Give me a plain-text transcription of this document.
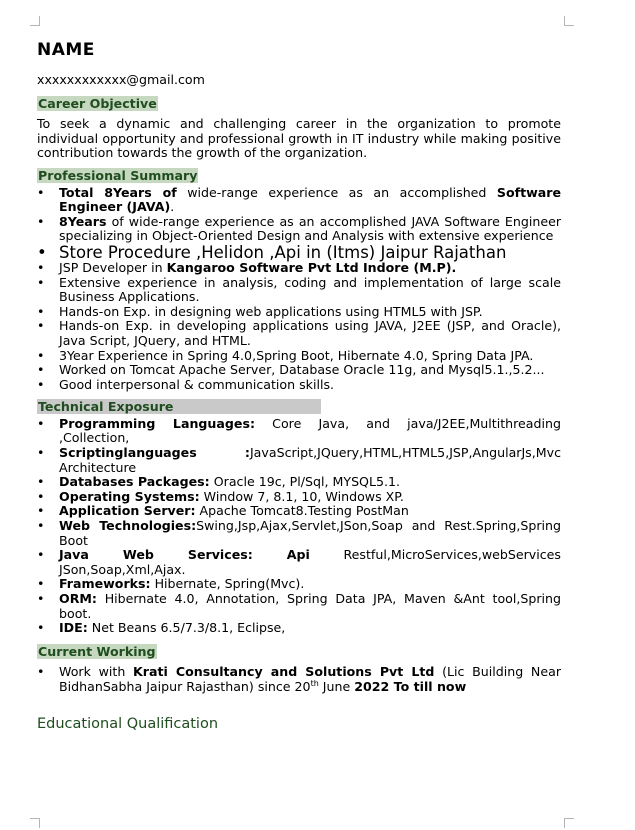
NAME
xxxxxxxxxxxx@gmail.com
Career Objective
To seek a dynamic and challenging career in the organization to promote individual opportunity and professional growth in IT industry while making positive contribution towards the growth of the organization.
Professional Summary
• Total 8Years of wide-range experience as an accomplished Software Engineer (JAVA).
• 8Years of wide-range experience as an accomplished JAVA Software Engineer specializing in Object-Oriented Design and Analysis with extensive experience
• Store Procedure ,Helidon ,Api in (Itms) Jaipur Rajathan
• JSP Developer in Kangaroo Software Pvt Ltd Indore (M.P).
• Extensive experience in analysis, coding and implementation of large scale Business Applications.
• Hands-on Exp. in designing web applications using HTML5 with JSP.
• Hands-on Exp. in developing applications using JAVA, J2EE (JSP, and Oracle), Java Script, JQuery, and HTML.
• 3Year Experience in Spring 4.0,Spring Boot, Hibernate 4.0, Spring Data JPA.
• Worked on Tomcat Apache Server, Database Oracle 11g, and Mysql5.1.,5.2...
• Good interpersonal & communication skills.
Technical Exposure
• Programming Languages: Core Java, and java/J2EE,Multithreading ,Collection,
• Scriptinglanguages :JavaScript,JQuery,HTML,HTML5,JSP,AngularJs,Mvc Architecture
• Databases Packages: Oracle 19c, Pl/Sql, MYSQL5.1.
• Operating Systems: Window 7, 8.1, 10, Windows XP.
• Application Server: Apache Tomcat8.Testing PostMan
• Web Technologies:Swing,Jsp,Ajax,Servlet,JSon,Soap and Rest.Spring,Spring Boot
• Java Web Services: Api Restful,MicroServices,webServices JSon,Soap,Xml,Ajax.
• Frameworks: Hibernate, Spring(Mvc).
• ORM: Hibernate 4.0, Annotation, Spring Data JPA, Maven &Ant tool,Spring boot.
• IDE: Net Beans 6.5/7.3/8.1, Eclipse,
Current Working
• Work with Krati Consultancy and Solutions Pvt Ltd (Lic Building Near BidhanSabha Jaipur Rajasthan) since 20th June 2022 To till now
Educational Qualification
